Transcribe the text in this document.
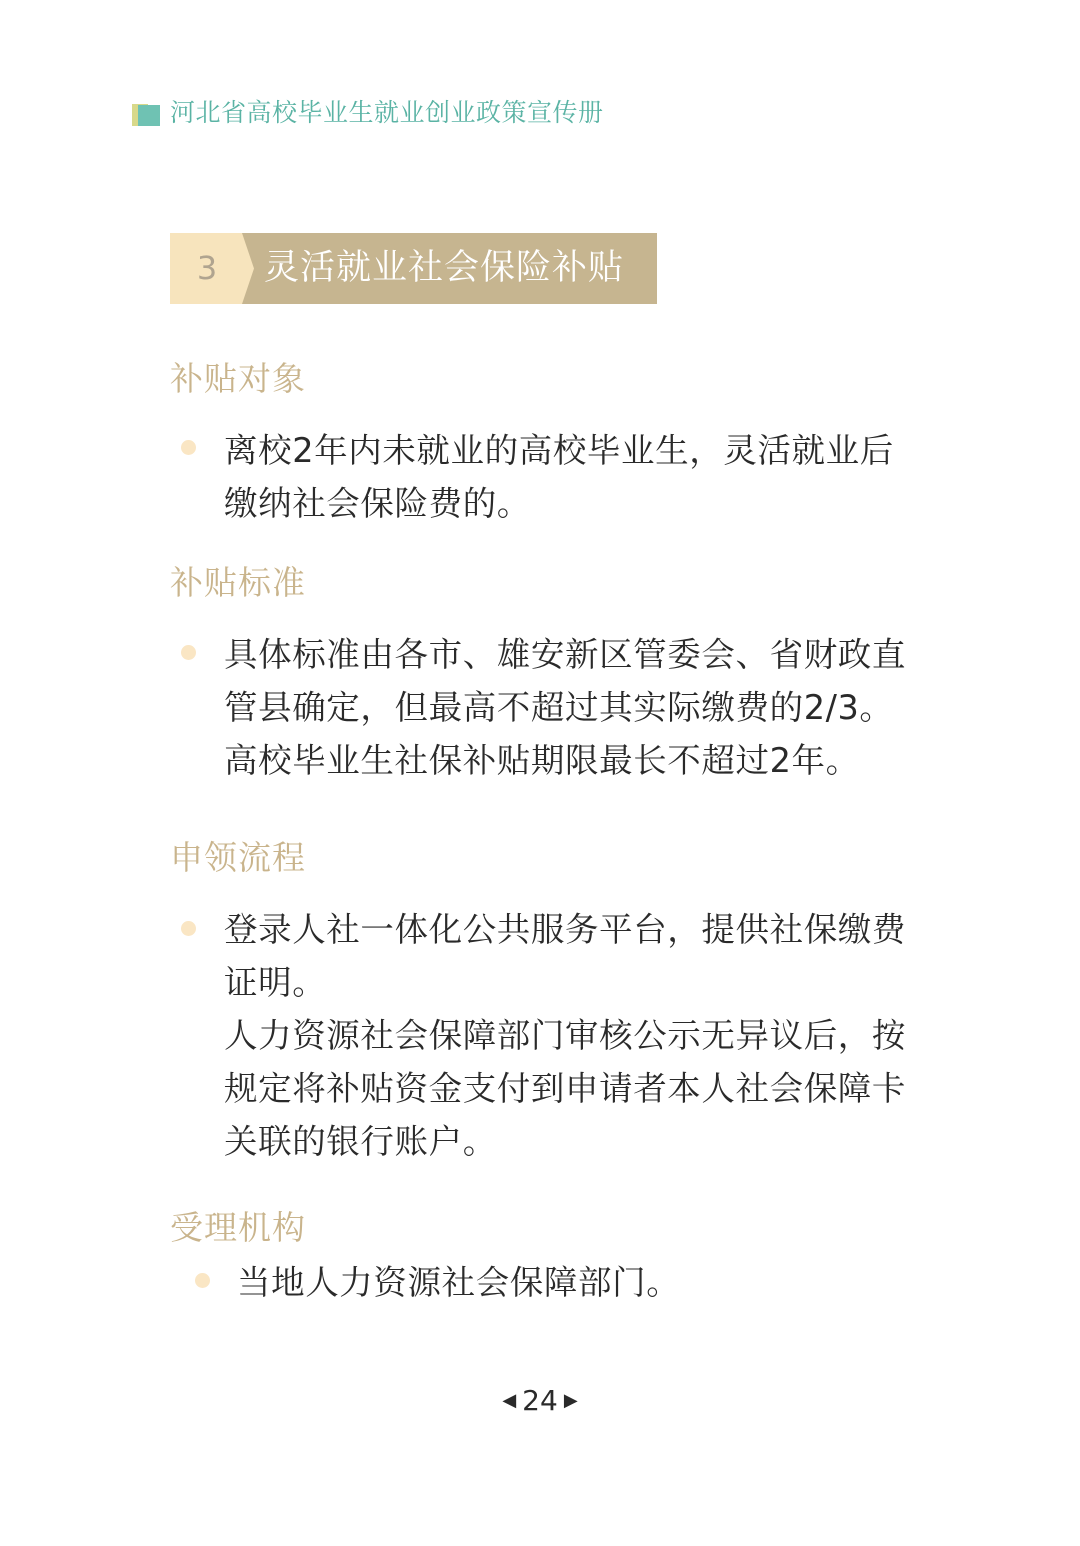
河北省高校毕业生就业创业政策宣传册
3	灵活就业社会保险补贴
补贴对象
离校2年内未就业的高校毕业生，灵活就业后
缴纳社会保险费的。
补贴标准
具体标准由各市、雄安新区管委会、省财政直
管县确定，但最高不超过其实际缴费的2/3。
高校毕业生社保补贴期限最长不超过2年。
申领流程
登录人社一体化公共服务平台，提供社保缴费
证明。
人力资源社会保障部门审核公示无异议后，按
规定将补贴资金支付到申请者本人社会保障卡
关联的银行账户。
受理机构
当地人力资源社会保障部门。
◀ 24 ▶
